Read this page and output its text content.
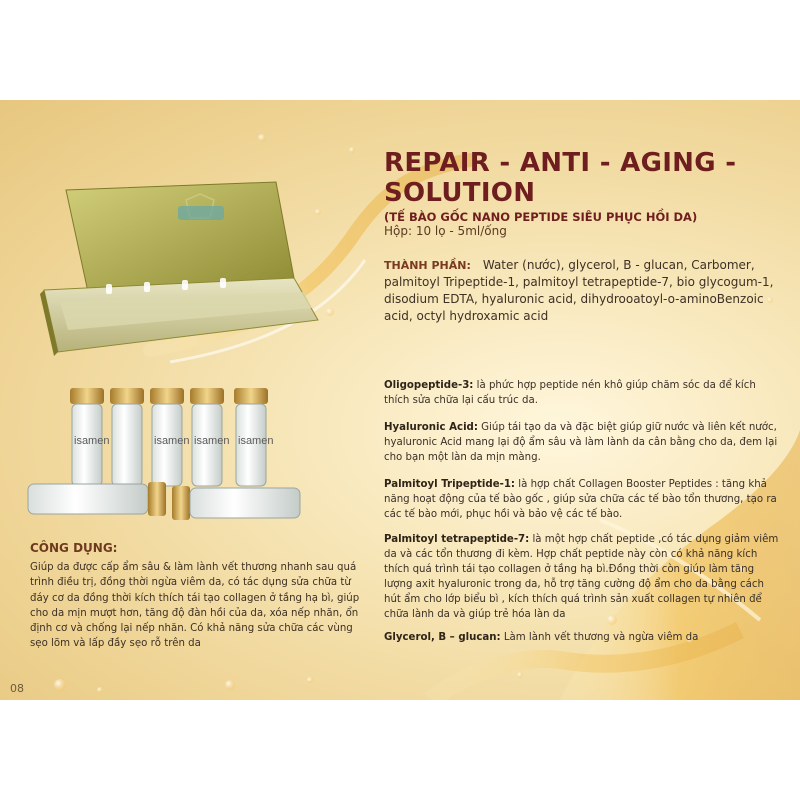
isamen	isamen isamen isamen
REPAIR - ANTI - AGING - SOLUTION
(TẾ BÀO GỐC NANO PEPTIDE SIÊU PHỤC HỒI DA)
Hộp: 10 lọ - 5ml/ống
THÀNH PHẦN: Water (nước), glycerol, B - glucan, Carbomer, palmitoyl Tripeptide-1, palmitoyl tetrapeptide-7, bio glycogum-1, disodium EDTA, hyaluronic acid, dihydrooatoyl-o-aminoBenzoic acid, octyl hydroxamic acid
Oligopeptide-3: là phức hợp peptide nén khô giúp chăm sóc da để kích thích sửa chữa lại cấu trúc da.
Hyaluronic Acid: Giúp tái tạo da và đặc biệt giúp giữ nước và liên kết nước, hyaluronic Acid mang lại độ ẩm sâu và làm lành da cân bằng cho da, đem lại cho bạn một làn da mịn màng.
Palmitoyl Tripeptide-1: là hợp chất Collagen Booster Peptides : tăng khả năng hoạt động của tế bào gốc , giúp sửa chữa các tế bào tổn thương, tạo ra các tế bào mới, phục hồi và bảo vệ các tế bào.
Palmitoyl tetrapeptide-7: là một hợp chất peptide ,có tác dụng giảm viêm da và các tổn thương đi kèm. Hợp chất peptide này còn có khả năng kích thích quá trình tái tạo collagen ở tầng hạ bì.Đồng thời còn giúp làm tăng lượng axit hyaluronic trong da, hỗ trợ tăng cường độ ẩm cho da bằng cách hút ẩm cho lớp biểu bì , kích thích quá trình sản xuất collagen tự nhiên để chữa lành da và giúp trẻ hóa làn da
Glycerol, B – glucan: Làm lành vết thương và ngừa viêm da
CÔNG DỤNG:
Giúp da được cấp ẩm sâu & làm lành vết thương nhanh sau quá trình điều trị, đồng thời ngừa viêm da, có tác dụng sửa chữa từ đáy cơ da đồng thời kích thích tái tạo collagen ở tầng hạ bì, giúp cho da mịn mượt hơn, tăng độ đàn hồi của da, xóa nếp nhăn, ổn định cơ và chống lại nếp nhăn. Có khả năng sửa chữa các vùng sẹo lõm và lấp đầy sẹo rỗ trên da
08
